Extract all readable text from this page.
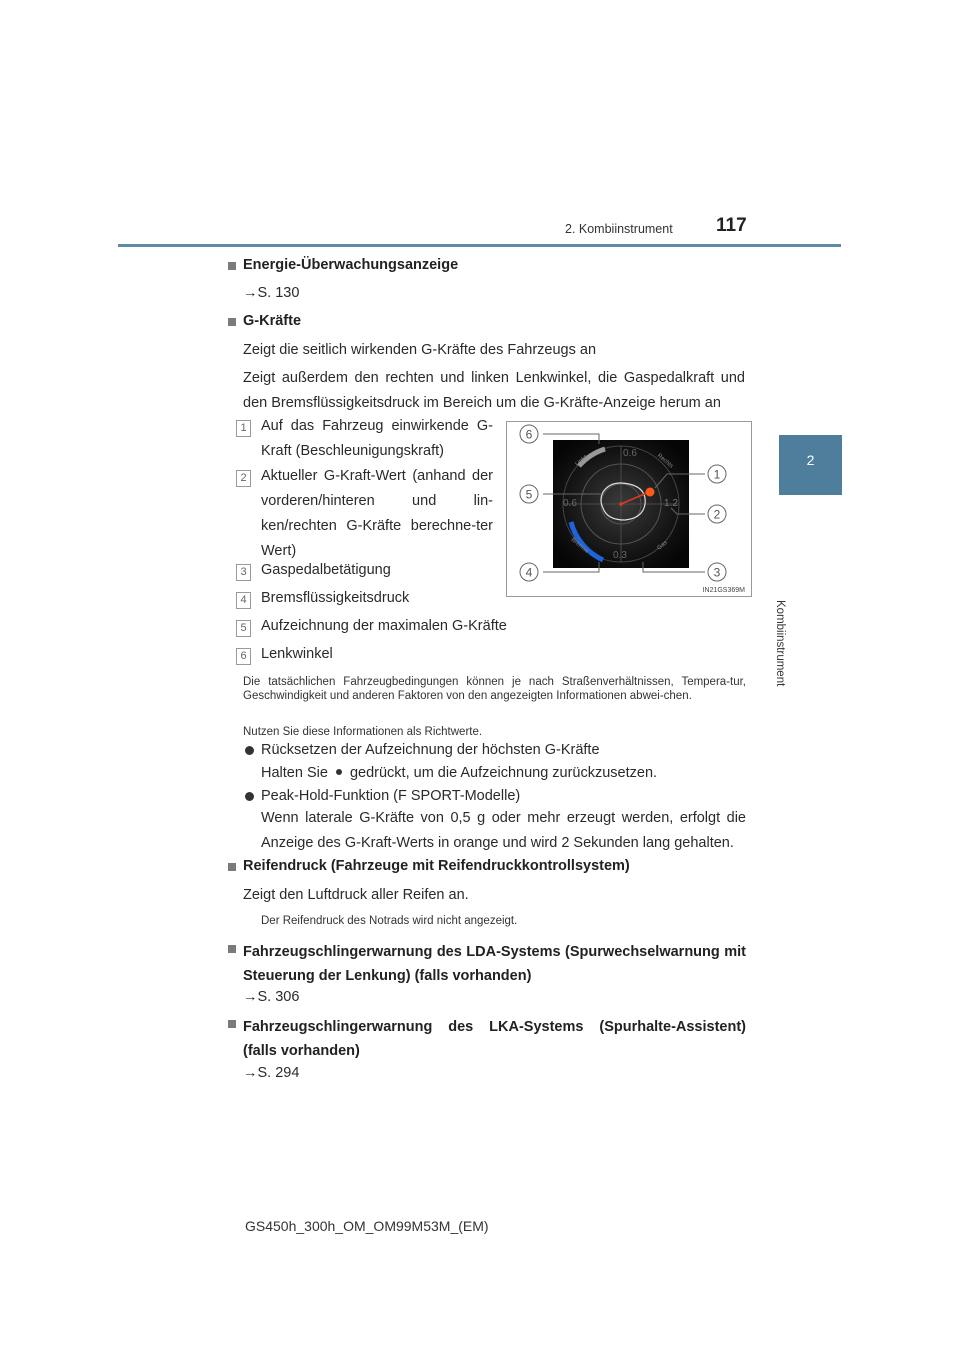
2. Kombiinstrument 117
2
Kombiinstrument
Energie-Überwachungsanzeige
→S. 130
G-Kräfte
Zeigt die seitlich wirkenden G-Kräfte des Fahrzeugs an
Zeigt außerdem den rechten und linken Lenkwinkel, die Gaspedalkraft und den Bremsflüssigkeitsdruck im Bereich um die G-Kräfte-Anzeige herum an
1 Auf das Fahrzeug einwirkende G-Kraft (Beschleunigungskraft)
2 Aktueller G-Kraft-Wert (anhand der vorderen/hinteren und lin-ken/rechten G-Kräfte berechne-ter Wert)
3 Gaspedalbetätigung
4 Bremsflüssigkeitsdruck
5 Aufzeichnung der maximalen G-Kräfte
6 Lenkwinkel
0.6
0.6	1.2
0.3
Links	Rechts
Bremse	Gas
6
5
4
1
2
3
IN21GS369M
Die tatsächlichen Fahrzeugbedingungen können je nach Straßenverhältnissen, Tempera-tur, Geschwindigkeit und anderen Faktoren von den angezeigten Informationen abwei-chen.
Nutzen Sie diese Informationen als Richtwerte.
Rücksetzen der Aufzeichnung der höchsten G-Kräfte
Halten Sie gedrückt, um die Aufzeichnung zurückzusetzen.
Peak-Hold-Funktion (F SPORT-Modelle)
Wenn laterale G-Kräfte von 0,5 g oder mehr erzeugt werden, erfolgt die Anzeige des G-Kraft-Werts in orange und wird 2 Sekunden lang gehalten.
Reifendruck (Fahrzeuge mit Reifendruckkontrollsystem)
Zeigt den Luftdruck aller Reifen an.
Der Reifendruck des Notrads wird nicht angezeigt.
Fahrzeugschlingerwarnung des LDA-Systems (Spurwechselwarnung mit Steuerung der Lenkung) (falls vorhanden)
→S. 306
Fahrzeugschlingerwarnung des LKA-Systems (Spurhalte-Assistent) (falls vorhanden)
→S. 294
GS450h_300h_OM_OM99M53M_(EM)
